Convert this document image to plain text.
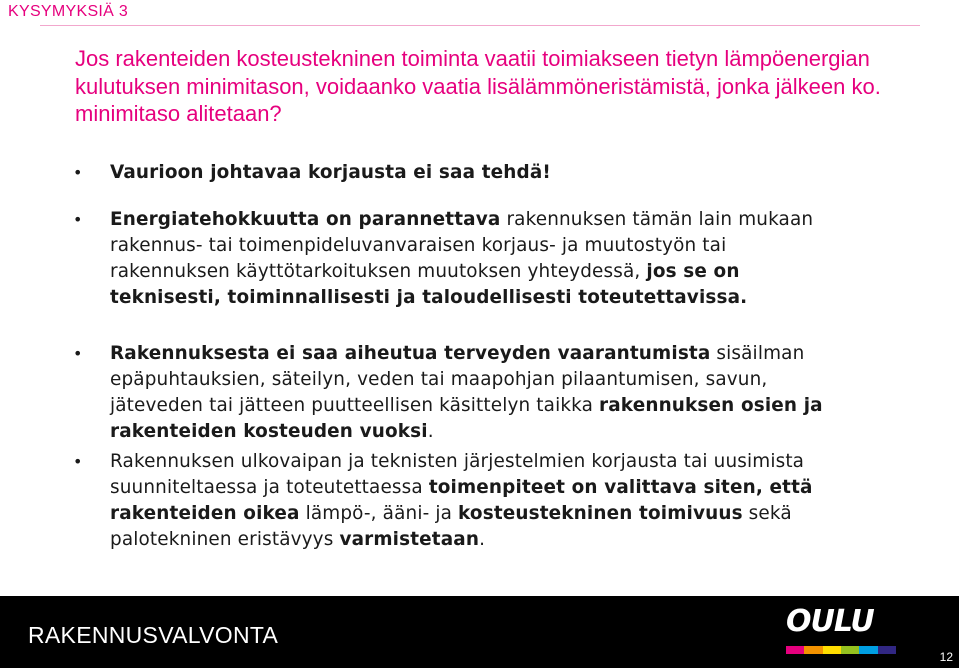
KYSYMYKSIÄ 3
Jos rakenteiden kosteustekninen toiminta vaatii toimiakseen tietyn lämpöenergian kulutuksen minimitason, voidaanko vaatia lisälämmöneristämistä, jonka jälkeen ko. minimitaso alitetaan?
• Vaurioon johtavaa korjausta ei saa tehdä!
• Energiatehokkuutta on parannettava rakennuksen tämän lain mukaan rakennus- tai toimenpideluvanvaraisen korjaus- ja muutostyön tai rakennuksen käyttötarkoituksen muutoksen yhteydessä, jos se on teknisesti, toiminnallisesti ja taloudellisesti toteutettavissa.
• Rakennuksesta ei saa aiheutua terveyden vaarantumista sisäilman epäpuhtauksien, säteilyn, veden tai maapohjan pilaantumisen, savun, jäteveden tai jätteen puutteellisen käsittelyn taikka rakennuksen osien ja rakenteiden kosteuden vuoksi.
• Rakennuksen ulkovaipan ja teknisten järjestelmien korjausta tai uusimista suunniteltaessa ja toteutettaessa toimenpiteet on valittava siten, että rakenteiden oikea lämpö-, ääni- ja kosteustekninen toimivuus sekä palotekninen eristävyys varmistetaan.
RAKENNUSVALVONTA	OULU
12
